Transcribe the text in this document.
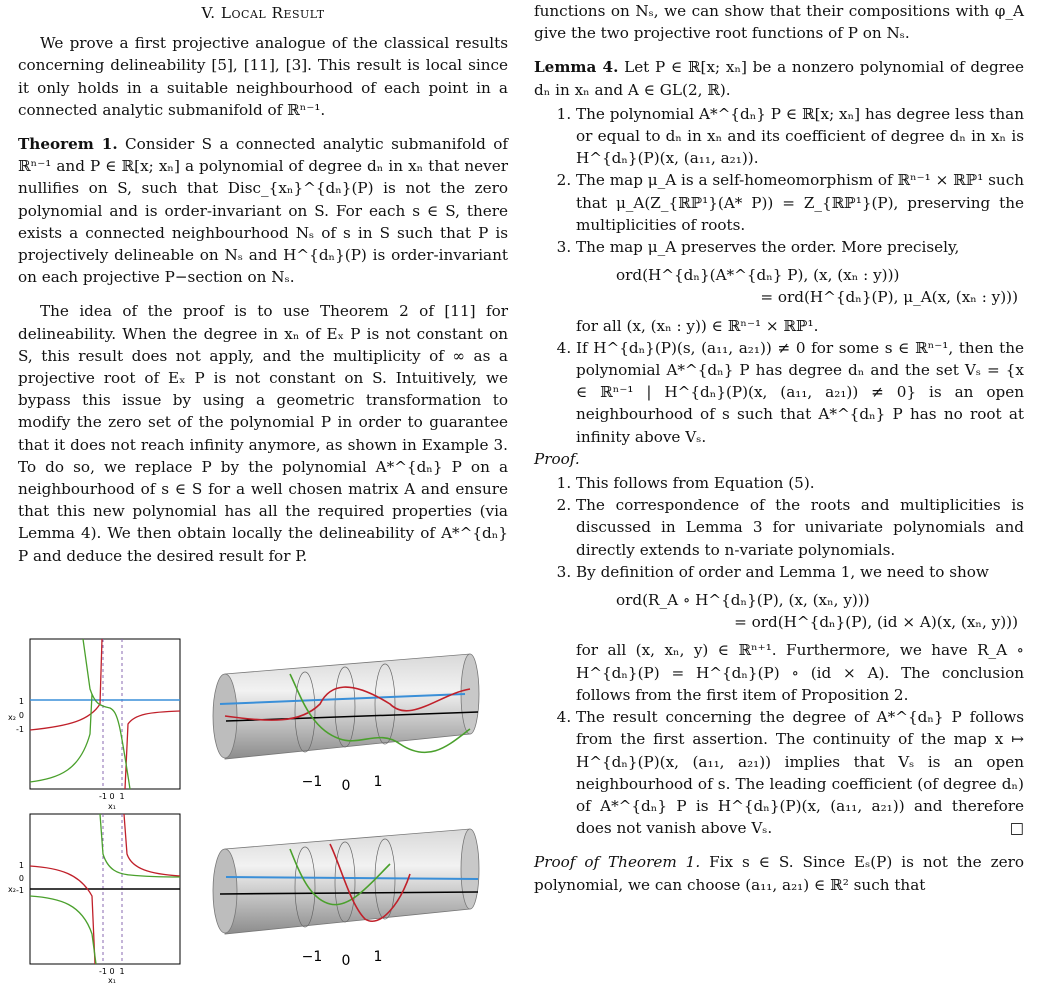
V. Local Result

We prove a first projective analogue of the classical results concerning delineability [5], [11], [3]. This result is local since it only holds in a suitable neighbourhood of each point in a connected analytic submanifold of ℝⁿ⁻¹.

Theorem 1. Consider S a connected analytic submanifold of ℝⁿ⁻¹ and P ∈ ℝ[x; xₙ] a polynomial of degree dₙ in xₙ that never nullifies on S, such that Disc_{xₙ}^{dₙ}(P) is not the zero polynomial and is order-invariant on S. For each s ∈ S, there exists a connected neighbourhood Nₛ of s in S such that P is projectively delineable on Nₛ and H^{dₙ}(P) is order-invariant on each projective P−section on Nₛ.

The idea of the proof is to use Theorem 2 of [11] for delineability. When the degree in xₙ of Eₓ P is not constant on S, this result does not apply, and the multiplicity of ∞ as a projective root of Eₓ P is not constant on S. Intuitively, we bypass this issue by using a geometric transformation to modify the zero set of the polynomial P in order to guarantee that it does not reach infinity anymore, as shown in Example 3. To do so, we replace P by the polynomial A*^{dₙ} P on a neighbourhood of s ∈ S for a well chosen matrix A and ensure that this new polynomial has all the required properties (via Lemma 4). We then obtain locally the delineability of A*^{dₙ} P and deduce the desired result for P.

1
0
-1
x₂
-1 0 1
x₁
1
0
-1
x₂
-1 0 1
x₁
−1 0 1
−1 0 1

functions on Nₛ, we can show that their compositions with φ_A give the two projective root functions of P on Nₛ.

Lemma 4. Let P ∈ ℝ[x; xₙ] be a nonzero polynomial of degree dₙ in xₙ and A ∈ GL(2, ℝ).

1. The polynomial A*^{dₙ} P ∈ ℝ[x; xₙ] has degree less than or equal to dₙ in xₙ and its coefficient of degree dₙ in xₙ is H^{dₙ}(P)(x, (a₁₁, a₂₁)).
2. The map μ_A is a self-homeomorphism of ℝⁿ⁻¹ × ℝℙ¹ such that μ_A(Z_{ℝℙ¹}(A* P)) = Z_{ℝℙ¹}(P), preserving the multiplicities of roots.
3. The map μ_A preserves the order. More precisely,
ord(H^{dₙ}(A*^{dₙ} P), (x, (xₙ : y)))
= ord(H^{dₙ}(P), μ_A(x, (xₙ : y)))
for all (x, (xₙ : y)) ∈ ℝⁿ⁻¹ × ℝℙ¹.
4. If H^{dₙ}(P)(s, (a₁₁, a₂₁)) ≠ 0 for some s ∈ ℝⁿ⁻¹, then the polynomial A*^{dₙ} P has degree dₙ and the set Vₛ = {x ∈ ℝⁿ⁻¹ | H^{dₙ}(P)(x, (a₁₁, a₂₁)) ≠ 0} is an open neighbourhood of s such that A*^{dₙ} P has no root at infinity above Vₛ.

Proof.

1. This follows from Equation (5).
2. The correspondence of the roots and multiplicities is discussed in Lemma 3 for univariate polynomials and directly extends to n-variate polynomials.
3. By definition of order and Lemma 1, we need to show
ord(R_A ∘ H^{dₙ}(P), (x, (xₙ, y)))
= ord(H^{dₙ}(P), (id × A)(x, (xₙ, y)))
for all (x, xₙ, y) ∈ ℝⁿ⁺¹. Furthermore, we have R_A ∘ H^{dₙ}(P) = H^{dₙ}(P) ∘ (id × A). The conclusion follows from the first item of Proposition 2.
4. The result concerning the degree of A*^{dₙ} P follows from the first assertion. The continuity of the map x ↦ H^{dₙ}(P)(x, (a₁₁, a₂₁)) implies that Vₛ is an open neighbourhood of s. The leading coefficient (of degree dₙ) of A*^{dₙ} P is H^{dₙ}(P)(x, (a₁₁, a₂₁)) and therefore does not vanish above Vₛ.	□

Proof of Theorem 1. Fix s ∈ S. Since Eₛ(P) is not the zero polynomial, we can choose (a₁₁, a₂₁) ∈ ℝ² such that
